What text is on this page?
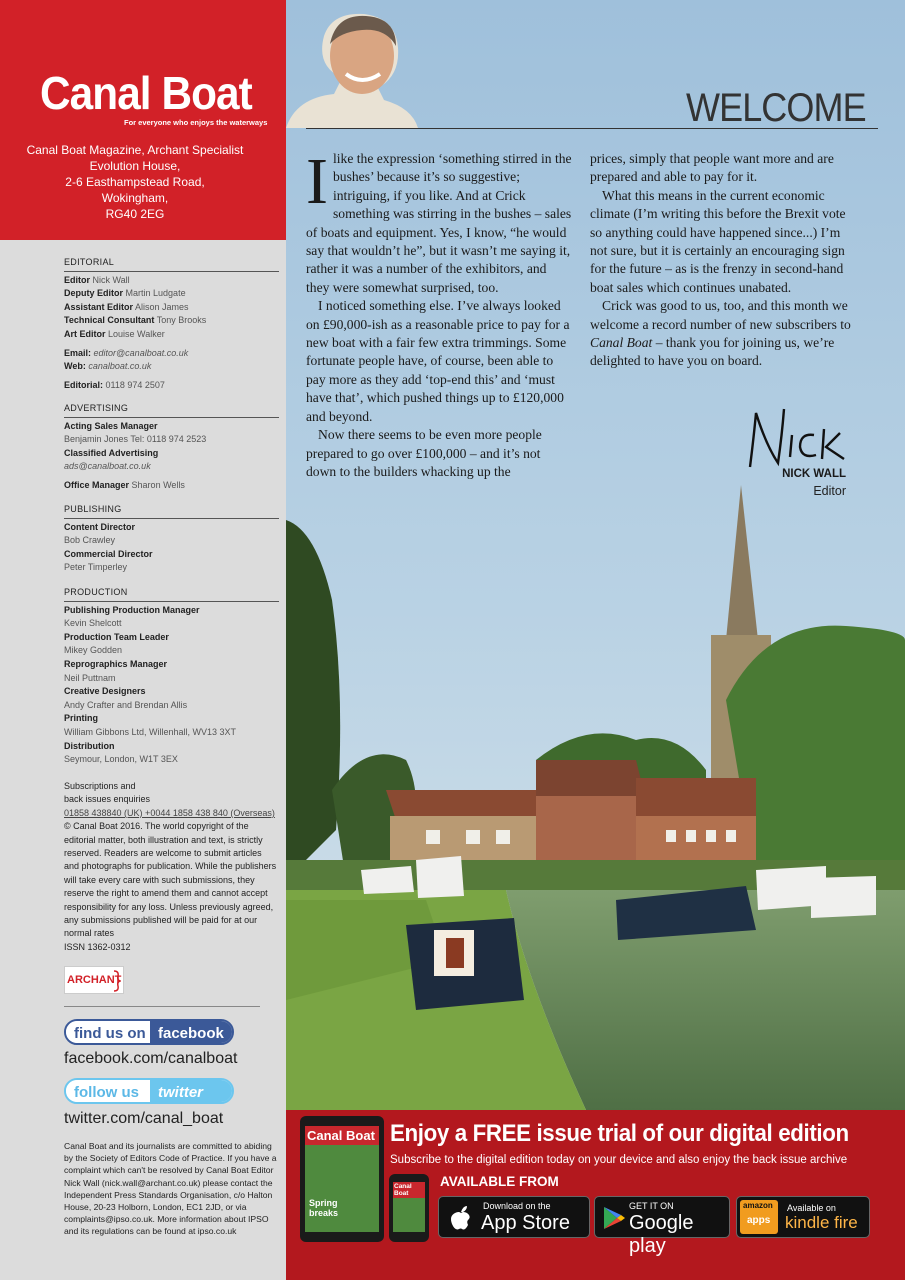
Canal Boat
For everyone who enjoys the waterways
Canal Boat Magazine, Archant Specialist
Evolution House,
2-6 Easthampstead Road,
Wokingham,
RG40 2EG
EDITORIAL
Editor Nick Wall
Deputy Editor Martin Ludgate
Assistant Editor Alison James
Technical Consultant Tony Brooks
Art Editor Louise Walker
Email: editor@canalboat.co.uk
Web: canalboat.co.uk
Editorial: 0118 974 2507
ADVERTISING
Acting Sales Manager
Benjamin Jones Tel: 0118 974 2523
Classified Advertising
ads@canalboat.co.uk
Office Manager Sharon Wells
PUBLISHING
Content Director
Bob Crawley
Commercial Director
Peter Timperley
PRODUCTION
Publishing Production Manager
Kevin Shelcott
Production Team Leader
Mikey Godden
Reprographics Manager
Neil Puttnam
Creative Designers
Andy Crafter and Brendan Allis
Printing
William Gibbons Ltd, Willenhall, WV13 3XT
Distribution
Seymour, London, W1T 3EX
Subscriptions and
back issues enquiries
01858 438840 (UK) +0044 1858 438 840 (Overseas)
© Canal Boat 2016. The world copyright of the editorial matter, both illustration and text, is strictly reserved. Readers are welcome to submit articles and photographs for publication. While the publishers will take every care with such submissions, they reserve the right to amend them and cannot accept responsibility for any loss. Unless previously agreed, any submissions published will be paid for at our normal rates
ISSN 1362-0312
ARCHANT
find us on facebook
facebook.com/canalboat
follow us	twitter
twitter.com/canal_boat
Canal Boat and its journalists are committed to abiding by the Society of Editors Code of Practice. If you have a complaint which can't be resolved by Canal Boat Editor Nick Wall (nick.wall@archant.co.uk) please contact the Independent Press Standards Organisation, c/o Halton House, 20-23 Holborn, London, EC1 2JD, or via complaints@ipso.co.uk. More information about IPSO and its regulations can be found at ipso.co.uk
WELCOME

Ilike the expression ‘something stirred in the bushes’ because it’s so suggestive; intriguing, if you like. And at Crick something was stirring in the bushes – sales of boats and equipment. Yes, I know, “he would say that wouldn’t he”, but it wasn’t me saying it, rather it was a number of the exhibitors, and they were somewhat surprised, too.

I noticed something else. I’ve always looked on £90,000-ish as a reasonable price to pay for a new boat with a fair few extra trimmings. Some fortunate people have, of course, been able to pay more as they add ‘top-end this’ and ‘must have that’, which pushed things up to £120,000 and beyond.

Now there seems to be even more people prepared to go over £100,000 – and it’s not down to the builders whacking up the

prices, simply that people want more and are prepared and able to pay for it.

What this means in the current economic climate (I’m writing this before the Brexit vote so anything could have happened since...) I’m not sure, but it is certainly an encouraging sign for the future – as is the frenzy in second-hand boat sales which continues unabated.

Crick was good to us, too, and this month we welcome a record number of new subscribers to Canal Boat – thank you for joining us, we’re delighted to have you on board.

NICK WALL
Editor
Canal Boat
Spring breaks
Canal Boat
Enjoy a FREE issue trial of our digital edition
Subscribe to the digital edition today on your device and also enjoy the back issue archive
AVAILABLE FROM
Download on the
App Store
GET IT ON
Google play
amazon
apps
Available on
kindle fire
